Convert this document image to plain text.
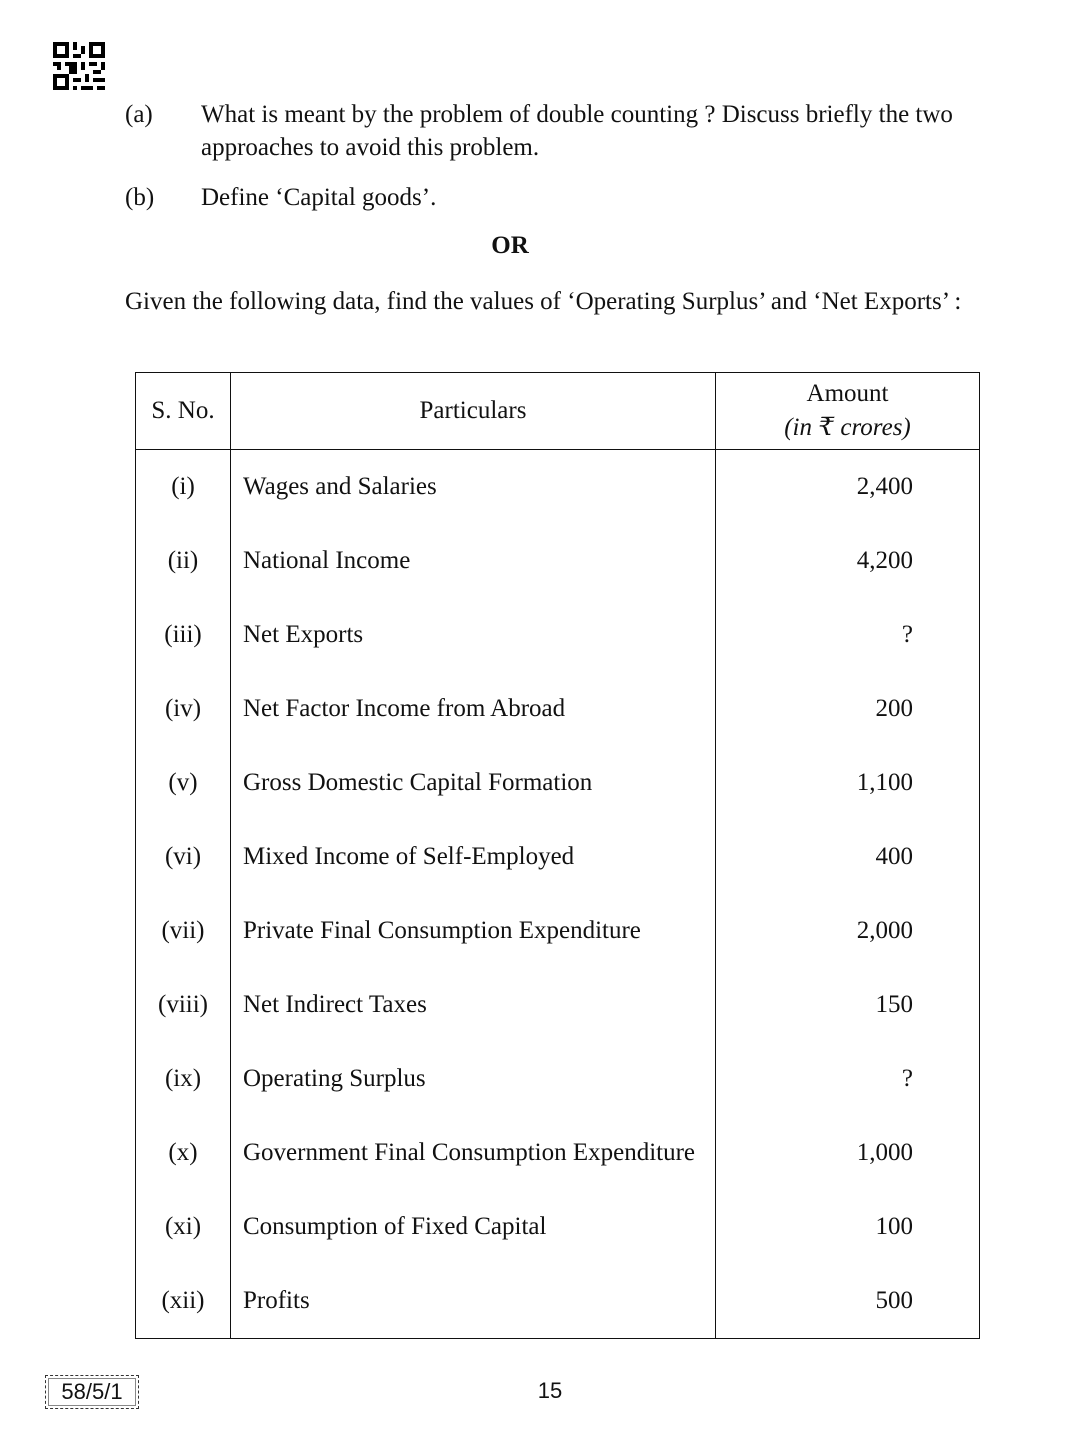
(a)	What is meant by the problem of double counting ? Discuss briefly the two approaches to avoid this problem.
(b)	Define ‘Capital goods’.
OR
Given the following data, find the values of ‘Operating Surplus’ and ‘Net Exports’ :
S. No.	Particulars	Amount
(in ₹ crores)

(i)	Wages and Salaries	2,400
(ii)	National Income	4,200
(iii)	Net Exports	?
(iv)	Net Factor Income from Abroad	200
(v)	Gross Domestic Capital Formation	1,100
(vi)	Mixed Income of Self-Employed	400
(vii)	Private Final Consumption Expenditure	2,000
(viii)	Net Indirect Taxes	150
(ix)	Operating Surplus	?
(x)	Government Final Consumption Expenditure	1,000
(xi)	Consumption of Fixed Capital	100
(xii)	Profits	500
58/5/1	15
